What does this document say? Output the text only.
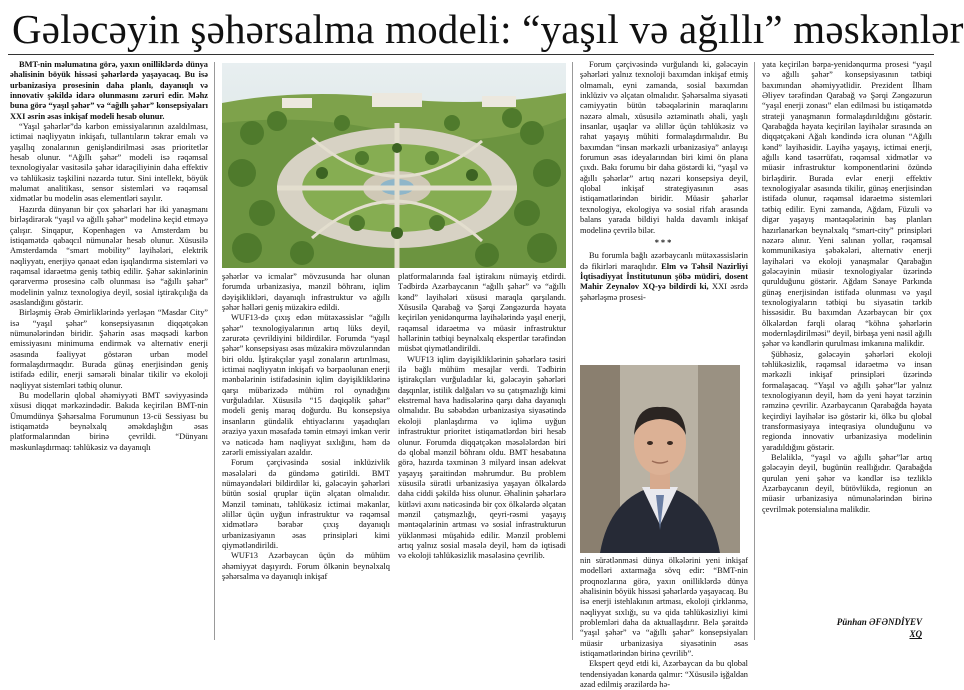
Gələcəyin şəhərsalma modeli: “yaşıl və ağıllı” məskənlər

BMT-nin məlumatına görə, yaxın onilliklərdə dünya əhalisinin böyük hissəsi şəhərlərdə yaşayacaq. Bu isə urbanizasiya prosesinin daha planlı, dayanıqlı və innovativ şəkildə idarə olunmasını zəruri edir. Məhz buna görə “yaşıl şəhər” və “ağıllı şəhər” konsepsiyaları XXI əsrin əsas inkişaf modeli hesab olunur.

“Yaşıl şəhərlər”də karbon emissiyalarının azaldılması, ictimai nəqliyyatın inkişafı, tullantıların təkrar emalı və yaşıllıq zonalarının genişləndirilməsi əsas prioritetlər hesab olunur. “Ağıllı şəhər” modeli isə rəqəmsal texnologiyalar vasitəsilə şəhər idarəçiliyinin daha effektiv və təhlükəsiz təşkilini nəzərdə tutur. Sini intellekt, böyük məlumat analitikası, sensor sistemləri və rəqəmsal xidmətlər bu modelin əsas elementləri sayılır.

Hazırda dünyanın bir çox şəhərləri hər iki yanaşmanı birləşdirərək “yaşıl və ağıllı şəhər” modelinə keçid etməyə çalışır. Sinqapur, Kopenhagen və Amsterdam bu istiqamətdə qabaqcıl nümunələr hesab olunur. Xüsusilə Amsterdamda “smart mobility” layihələri, elektrik nəqliyyatı, enerjiyə qənaət edən işıqlandırma sistemləri və rəqəmsal idarəetmə geniş tətbiq edilir. Şəhər sakinlərinin qərarvermə prosesinə cəlb olunması isə “ağıllı şəhər” modelinin yalnız texnologiya deyil, sosial iştirakçılığa da əsaslandığını göstərir.

Birləşmiş Ərəb Əmirliklərində yerləşən “Masdar City” isə “yaşıl şəhər” konsepsiyasının diqqətçəkən nümunələrindən biridir. Şəhərin əsas məqsədi karbon emissiyasını minimuma endirmək və alternativ enerji əsasında fəaliyyət göstərən urban model formalaşdırmaqdır. Burada günəş enerjisindən geniş istifadə edilir, enerji səmərəli binalar tikilir və ekoloji nəqliyyat sistemləri tətbiq olunur.

Bu modellərin qlobal əhəmiyyəti BMT səviyyəsində xüsusi diqqət mərkəzindədir. Bakıda keçirilən BMT-nin Ümumdünya Şəhərsalma Forumunun 13-cü Sessiyası bu istiqamətdə beynəlxalq əməkdaşlığın əsas platformalarından birinə çevrildi. “Dünyanı məskunlaşdırmaq: təhlükəsiz və dayanıqlı

şəhərlər və icmalar” mövzusunda hər olunan forumda urbanizasiya, mənzil böhranı, iqlim dəyişiklikləri, dayanıqlı infrastruktur və ağıllı şəhər həlləri geniş müzakirə edildi.

WUF13-də çıxış edən mütəxəssislər “ağıllı şəhər” texnologiyalarının artıq lüks deyil, zərurətə çevrildiyini bildirdilər. Forumda “yaşıl şəhər” konsepsiyası əsas müzakirə mövzularından biri oldu. İştirakçılar yaşıl zonaların artırılması, ictimai nəqliyyatın inkişafı və bərpaolunan enerji mənbələrinin istifadəsinin iqlim dəyişikliklərinə qarşı mübarizədə mühüm rol oynadığını vurğuladılar. Xüsusilə “15 dəqiqəlik şəhər” modeli geniş maraq doğurdu. Bu konsepsiya insanların gündəlik ehtiyaclarını yaşadıqları əraziyə yaxın məsafədə təmin etməyi imkan verir və nəticədə həm nəqliyyat sıxlığını, həm də zərərli emissiyaları azaldır.

Forum çərçivəsində sosial inklüzivlik məsələləri də gündəmə gətirildi. BMT nümayəndələri bildirdilər ki, gələcəyin şəhərləri bütün sosial qruplar üçün əlçatan olmalıdır. Mənzil təminatı, təhlükəsiz ictimai məkanlar, əlillər üçün uyğun infrastruktur və rəqəmsal xidmətlərə bərabər çıxış dayanıqlı urbanizasiyanın əsas prinsipləri kimi qiymətləndirildi.

WUF13 Azərbaycan üçün də mühüm əhəmiyyət daşıyırdı. Forum ölkənin beynəlxalq şəhərsalma və dayanıqlı inkişaf

platformalarında fəal iştirakını nümayiş etdirdi. Tədbirdə Azərbaycanın “ağıllı şəhər” və “ağıllı kənd” layihələri xüsusi maraqla qarşılandı. Xüsusilə Qarabağ və Şərqi Zəngəzurda həyata keçirilən yenidənqurma layihələrində yaşıl enerji, rəqəmsal idarəetmə və müasir infrastruktur həllərinin tətbiqi beynəlxalq ekspertlər tərəfindən müsbət qiymətləndirildi.

WUF13 iqlim dəyişikliklərinin şəhərlərə təsiri ilə bağlı mühüm mesajlar verdi. Tədbirin iştirakçıları vurğuladılar ki, gələcəyin şəhərləri daşqınlar, istilik dalğaları və su çatışmazlığı kimi ekstremal hava hadisələrinə qarşı daha dayanıqlı olmalıdır. Bu səbəbdən urbanizasiya siyasətində ekoloji planlaşdırma və iqlimə uyğun infrastruktur prioritet istiqamətlərdən biri hesab olunur. Forumda diqqətçəkən məsələlərdən biri də qlobal mənzil böhranı oldu. BMT hesabatına görə, hazırda təxminən 3 milyard insan adekvat yaşayış şəraitindən məhrumdur. Bu problem xüsusilə sürətli urbanizasiya yaşayan ölkələrdə daha ciddi şəkildə hiss olunur. Əhalinin şəhərlərə kütləvi axını nəticəsində bir çox ölkələrdə əlçatan mənzil çatışmazlığı, qeyri-rəsmi yaşayış məntəqələrinin artması və sosial infrastrukturun yüklənməsi müşahidə edilir. Mənzil problemi artıq yalnız sosial məsələ deyil, həm də iqtisadi və ekoloji təhlükəsizlik məsələsinə çevrilib.

Forum çərçivəsində vurğulandı ki, gələcəyin şəhərləri yalnız texnoloji baxımdan inkişaf etmiş olmamalı, eyni zamanda, sosial baxımdan inklüziv və əlçatan olmalıdır. Şəhərsalma siyasəti cəmiyyətin bütün təbəqələrinin maraqlarını nəzərə almalı, xüsusilə əztəminatlı əhali, yaşlı insanlar, uşaqlar və əlillər üçün təhlükəsiz və rahat yaşayış mühiti formalaşdırmalıdır. Bu baxımdan “insan mərkəzli urbanizasiya” anlayışı forumun əsas ideyalarından biri kimi ön plana çıxdı. Bakı forumu bir daha göstərdi ki, “yaşıl və ağıllı şəhərlər” artıq nəzəri konsepsiya deyil, qlobal inkişaf strategiyasının əsas istiqamətlərindən biridir. Müasir şəhərlər texnologiya, ekologiya və sosial rifah arasında balans yarada bildiyi halda davamlı inkişaf modelinə çevrilə bilər.

***

Bu forumla bağlı azərbaycanlı mütəxəssislərin də fikirləri maraqlıdır. Elm və Təhsil Nazirliyi İqtisadiyyat İnstitutunun şöbə müdiri, dosent Mahir Zeynalov XQ-yə bildirdi ki, XXI əsrdə şəhərləşmə prosesi-

nin sürətlənməsi dünya ölkələrini yeni inkişaf modelləri axtarmağa sövq edir: “BMT-nin proqnozlarına görə, yaxın onilliklərdə dünya əhalisinin böyük hissəsi şəhərlərdə yaşayacaq. Bu isə enerji istehlakının artması, ekoloji çirklənmə, nəqliyyat sıxlığı, su və qida təhlükəsizliyi kimi problemləri daha da aktuallaşdırır. Belə şəraitdə “yaşıl şəhər” və “ağıllı şəhər” konsepsiyaları müasir urbanizasiya siyasətinin əsas istiqamətlərindən birinə çevrilib”.

Ekspert qeyd etdi ki, Azərbaycan da bu qlobal tendensiyadan kənarda qalmır: “Xüsusilə işğaldan azad edilmiş ərazilərdə hə-

yata keçirilən bərpa-yenidənqurma prosesi “yaşıl və ağıllı şəhər” konsepsiyasının tətbiqi baxımından əhəmiyyətlidir. Prezident İlham Əliyev tərəfindən Qarabağ və Şərqi Zəngəzurun “yaşıl enerji zonası” elan edilməsi bu istiqamətdə strateji yanaşmanın formalaşdırıldığını göstərir. Qarabağda həyata keçirilən layihələr sırasında ən diqqətçəkəni Ağalı kəndində icra olunan “Ağıllı kənd” layihəsidir. Layihə yaşayış, ictimai enerji, ağıllı kənd təsərrüfatı, rəqəmsal xidmətlər və müasir infrastruktur komponentlərini özündə birləşdirir. Burada evlər enerji effektiv texnologiyalar əsasında tikilir, günəş enerjisindən istifadə olunur, rəqəmsal idarəetmə sistemləri tətbiq edilir. Eyni zamanda, Ağdam, Füzuli və digər yaşayış məntəqələrinin baş planları hazırlanarkən beynəlxalq “smart-city” prinsipləri nəzərə alınır. Yeni salınan yollar, rəqəmsal kommunikasiya şəbəkələri, alternativ enerji layihələri və ekoloji yanaşmalar Qarabağın gələcəyinin müasir texnologiyalar üzərində qurulduğunu göstərir. Ağdam Sənaye Parkında günəş enerjisindən istifadə olunması və yaşıl texnologiyaların tətbiqi bu siyasətin tərkib hissəsidir. Bu baxımdan Azərbaycan bir çox ölkələrdən fərqli olaraq “köhnə şəhərlərin modernləşdirilməsi” deyil, birbaşa yeni nəsil ağıllı şəhər və kəndlərin qurulması imkanına malikdir.

Şübhəsiz, gələcəyin şəhərləri ekoloji təhlükəsizlik, rəqəmsal idarəetmə və insan mərkəzli inkişaf prinsipləri üzərində formalaşacaq. “Yaşıl və ağıllı şəhər”lər yalnız texnologiyanın deyil, həm də yeni həyat tərzinin rəmzinə çevrilir. Azərbaycanın Qarabağda həyata keçirdiyi layihələr isə göstərir ki, ölkə bu qlobal transformasiyaya inteqrasiya olunduğunu və regionda innovativ urbanizasiya modelinin yaradıldığını göstərir.

Beləliklə, “yaşıl və ağıllı şəhər”lər artıq gələcəyin deyil, bugünün reallığıdır. Qarabağda qurulan yeni şəhər və kəndlər isə tezliklə Azərbaycanın deyil, bütövlükdə, regionun ən müasir urbanizasiya nümunələrindən birinə çevrilmək potensialına malikdir.

Pünhan ƏFƏNDİYEV
XQ
